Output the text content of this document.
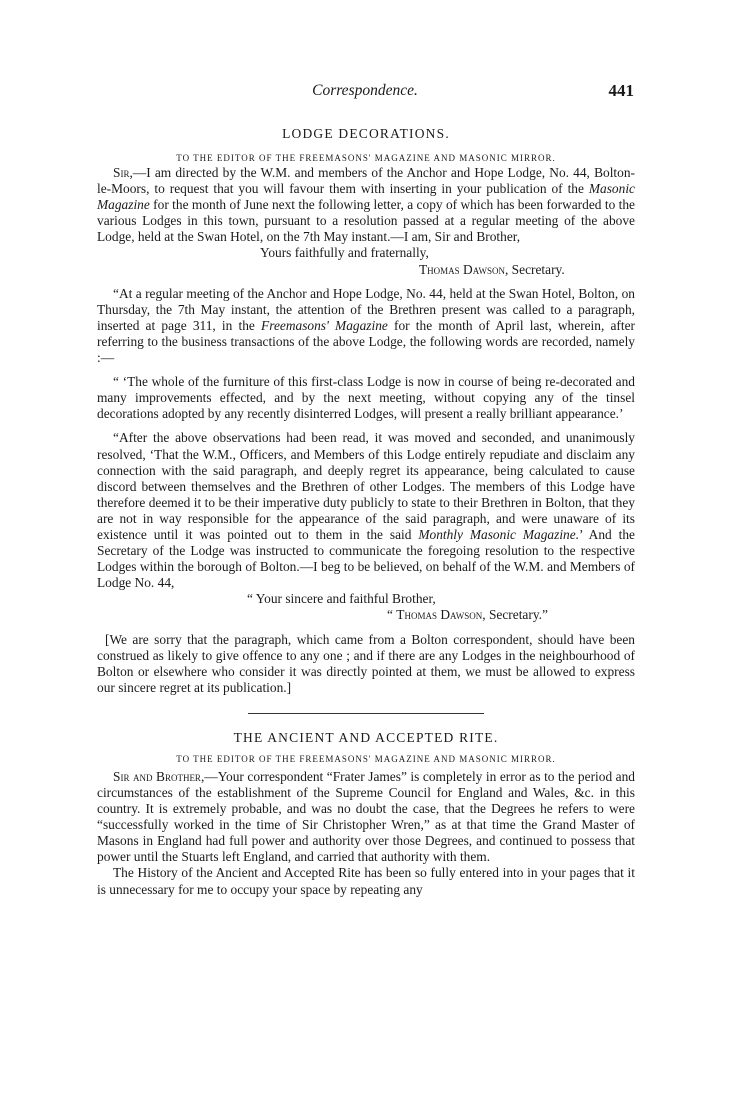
Correspondence.	441
LODGE DECORATIONS.
TO THE EDITOR OF THE FREEMASONS' MAGAZINE AND MASONIC MIRROR.

Sir,—I am directed by the W.M. and members of the Anchor and Hope Lodge, No. 44, Bolton-le-Moors, to request that you will favour them with inserting in your publication of the Masonic Magazine for the month of June next the following letter, a copy of which has been forwarded to the various Lodges in this town, pursuant to a resolution passed at a regular meeting of the above Lodge, held at the Swan Hotel, on the 7th May instant.—I am, Sir and Brother,

Yours faithfully and fraternally,
Thomas Dawson, Secretary.

“At a regular meeting of the Anchor and Hope Lodge, No. 44, held at the Swan Hotel, Bolton, on Thursday, the 7th May instant, the attention of the Brethren present was called to a paragraph, inserted at page 311, in the Freemasons' Magazine for the month of April last, wherein, after referring to the business transactions of the above Lodge, the following words are recorded, namely :—

“ ‘The whole of the furniture of this first-class Lodge is now in course of being re-decorated and many improvements effected, and by the next meeting, without copying any of the tinsel decorations adopted by any recently disinterred Lodges, will present a really brilliant appearance.’

“After the above observations had been read, it was moved and seconded, and unanimously resolved, ‘That the W.M., Officers, and Members of this Lodge entirely repudiate and disclaim any connection with the said paragraph, and deeply regret its appearance, being calculated to cause discord between themselves and the Brethren of other Lodges. The members of this Lodge have therefore deemed it to be their imperative duty publicly to state to their Brethren in Bolton, that they are not in way responsible for the appearance of the said paragraph, and were unaware of its existence until it was pointed out to them in the said Monthly Masonic Magazine.’ And the Secretary of the Lodge was instructed to communicate the foregoing resolution to the respective Lodges within the borough of Bolton.—I beg to be believed, on behalf of the W.M. and Members of Lodge No. 44,

“ Your sincere and faithful Brother,
“ Thomas Dawson, Secretary.”

[We are sorry that the paragraph, which came from a Bolton correspondent, should have been construed as likely to give offence to any one ; and if there are any Lodges in the neighbourhood of Bolton or elsewhere who consider it was directly pointed at them, we must be allowed to express our sincere regret at its publication.]

THE ANCIENT AND ACCEPTED RITE.
TO THE EDITOR OF THE FREEMASONS' MAGAZINE AND MASONIC MIRROR.

Sir and Brother,—Your correspondent “Frater James” is completely in error as to the period and circumstances of the establishment of the Supreme Council for England and Wales, &c. in this country. It is extremely probable, and was no doubt the case, that the Degrees he refers to were “successfully worked in the time of Sir Christopher Wren,” as at that time the Grand Master of Masons in England had full power and authority over those Degrees, and continued to possess that power until the Stuarts left England, and carried that authority with them.

The History of the Ancient and Accepted Rite has been so fully entered into in your pages that it is unnecessary for me to occupy your space by repeating any
